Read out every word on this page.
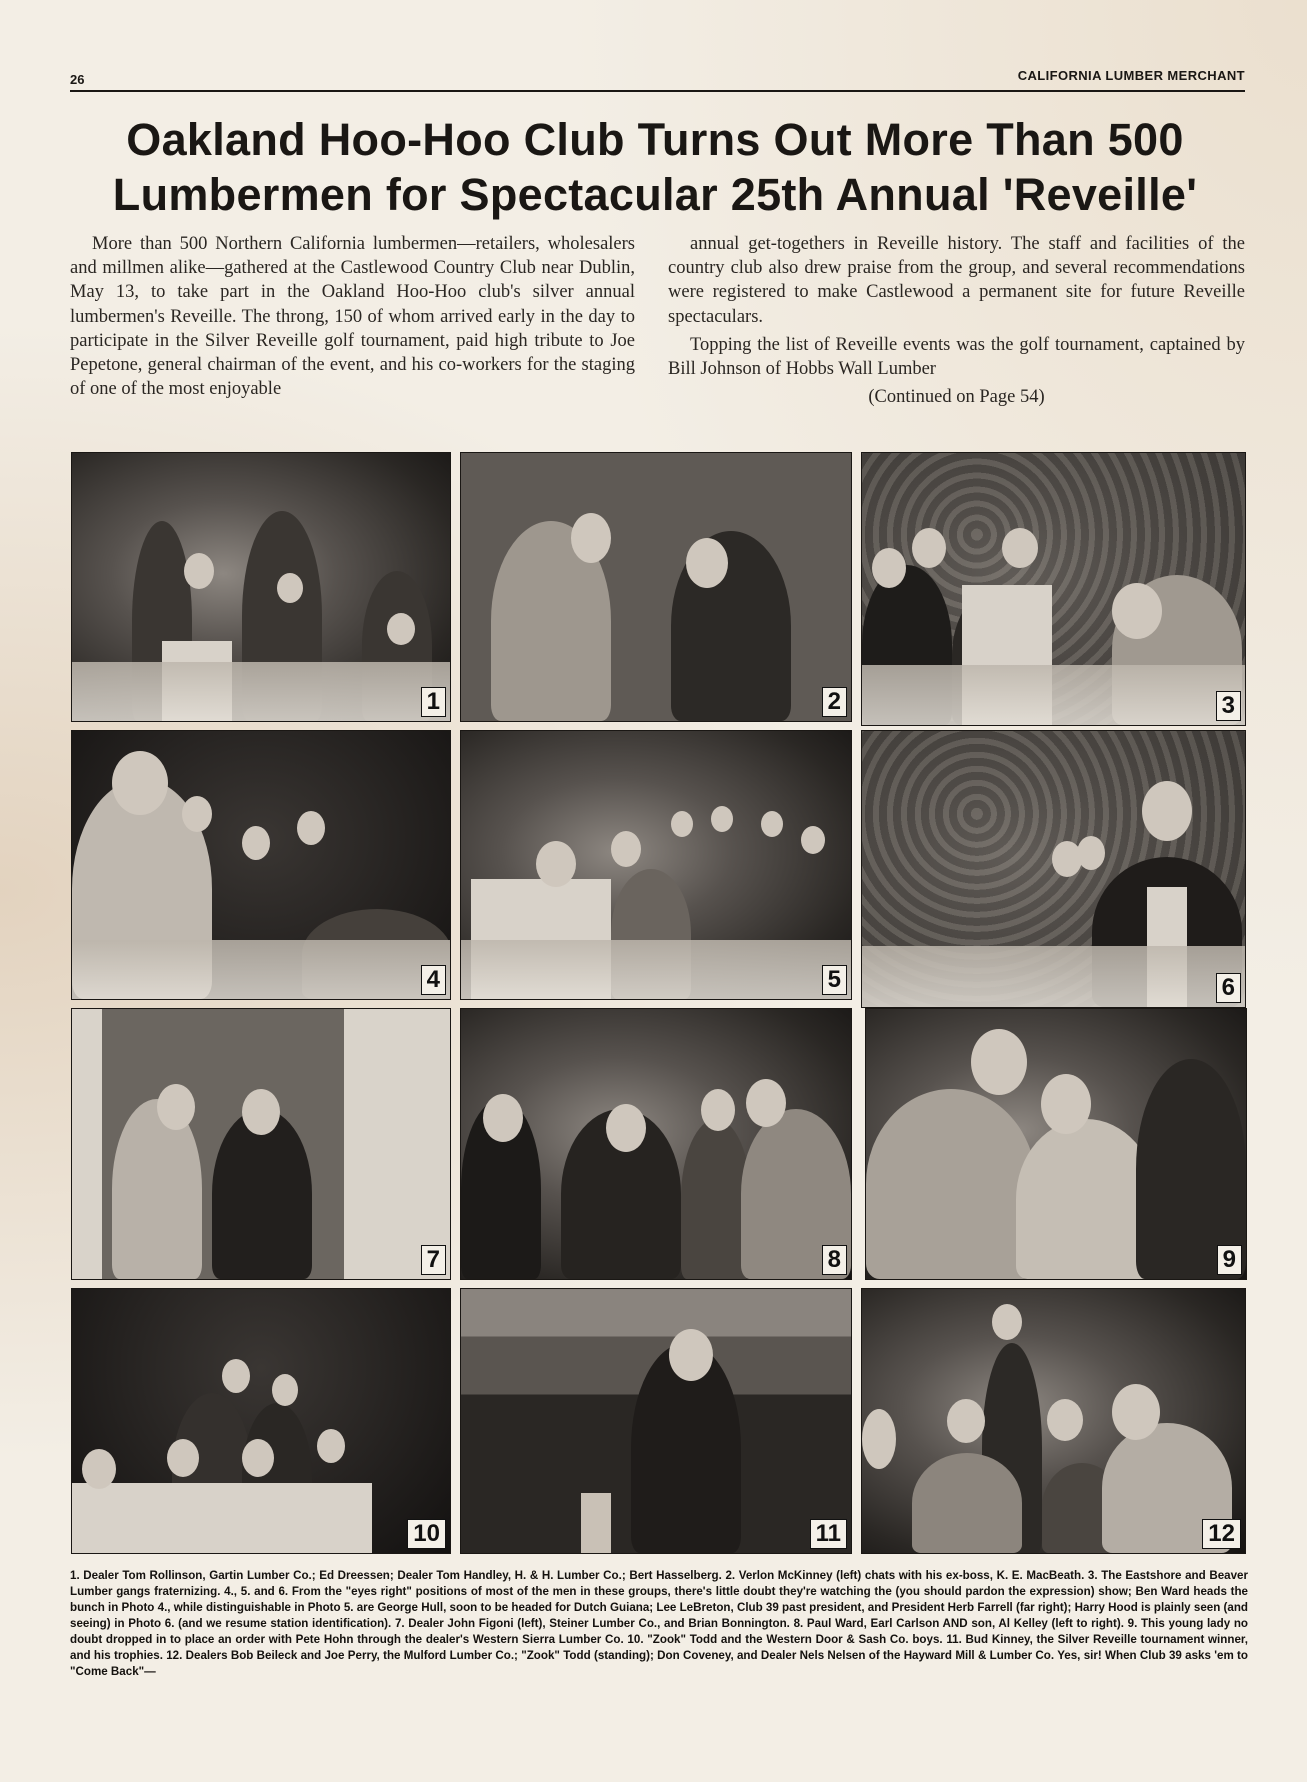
26	CALIFORNIA LUMBER MERCHANT
Oakland Hoo-Hoo Club Turns Out More Than 500
Lumbermen for Spectacular 25th Annual 'Reveille'

More than 500 Northern California lumbermen—retailers, wholesalers and millmen alike—gathered at the Castlewood Country Club near Dublin, May 13, to take part in the Oakland Hoo-Hoo club's silver annual lumbermen's Reveille. The throng, 150 of whom arrived early in the day to participate in the Silver Reveille golf tournament, paid high tribute to Joe Pepetone, general chairman of the event, and his co-workers for the staging of one of the most enjoyable

annual get-togethers in Reveille history. The staff and facilities of the country club also drew praise from the group, and several recommendations were registered to make Castlewood a permanent site for future Reveille spectaculars.

Topping the list of Reveille events was the golf tournament, captained by Bill Johnson of Hobbs Wall Lumber

(Continued on Page 54)

1	2	3
4	5	6
7	8	9
10	11	12
1. Dealer Tom Rollinson, Gartin Lumber Co.; Ed Dreessen; Dealer Tom Handley, H. & H. Lumber Co.; Bert Hasselberg. 2. Verlon McKinney (left) chats with his ex-boss, K. E. MacBeath. 3. The Eastshore and Beaver Lumber gangs fraternizing. 4., 5. and 6. From the "eyes right" positions of most of the men in these groups, there's little doubt they're watching the (you should pardon the expression) show; Ben Ward heads the bunch in Photo 4., while distinguishable in Photo 5. are George Hull, soon to be headed for Dutch Guiana; Lee LeBreton, Club 39 past president, and President Herb Farrell (far right); Harry Hood is plainly seen (and seeing) in Photo 6. (and we resume station identification). 7. Dealer John Figoni (left), Steiner Lumber Co., and Brian Bonnington. 8. Paul Ward, Earl Carlson AND son, Al Kelley (left to right). 9. This young lady no doubt dropped in to place an order with Pete Hohn through the dealer's Western Sierra Lumber Co. 10. "Zook" Todd and the Western Door & Sash Co. boys. 11. Bud Kinney, the Silver Reveille tournament winner, and his trophies. 12. Dealers Bob Beileck and Joe Perry, the Mulford Lumber Co.; "Zook" Todd (standing); Don Coveney, and Dealer Nels Nelsen of the Hayward Mill & Lumber Co. Yes, sir! When Club 39 asks 'em to "Come Back"—
